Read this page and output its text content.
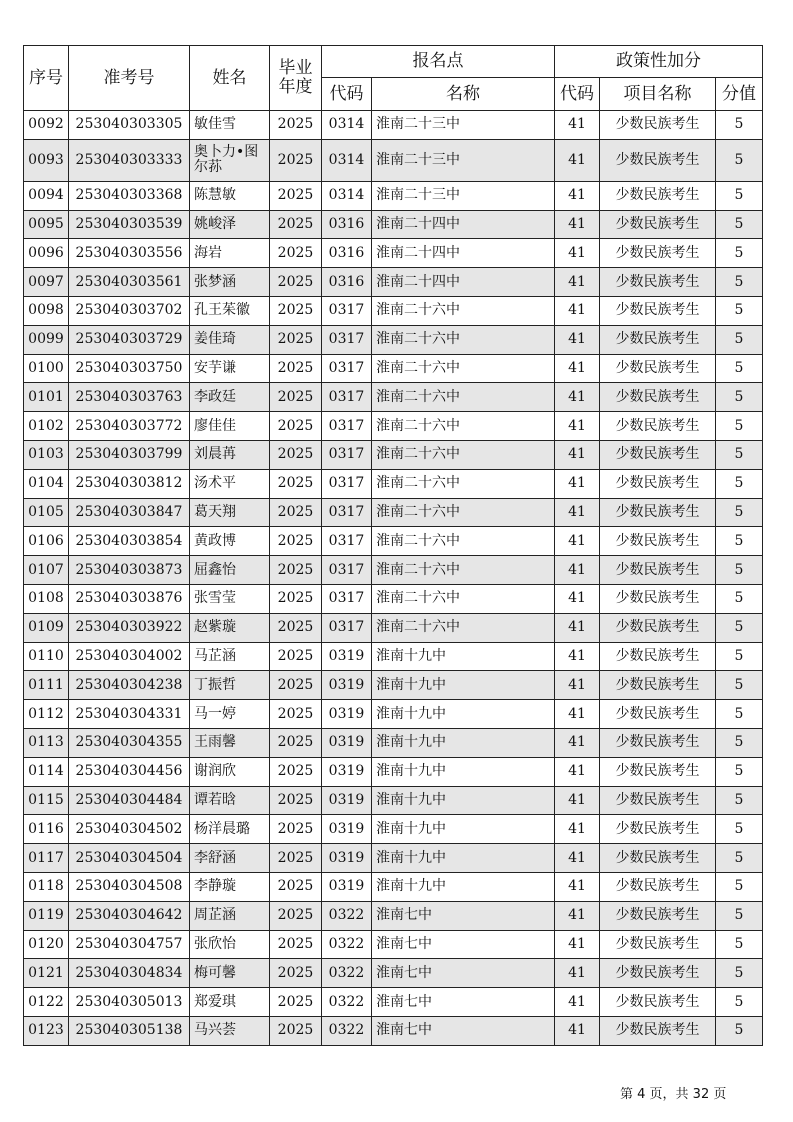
序号	准考号	姓名	毕业年度	报名点		政策性加分		
				代码	名称	代码	项目名称	分值
0092	253040303305	敏佳雪	2025	0314	淮南二十三中	41	少数民族考生	5
0093	253040303333	奥卜力•图尔荪	2025	0314	淮南二十三中	41	少数民族考生	5
0094	253040303368	陈慧敏	2025	0314	淮南二十三中	41	少数民族考生	5
0095	253040303539	姚峻泽	2025	0316	淮南二十四中	41	少数民族考生	5
0096	253040303556	海岩	2025	0316	淮南二十四中	41	少数民族考生	5
0097	253040303561	张梦涵	2025	0316	淮南二十四中	41	少数民族考生	5
0098	253040303702	孔王茱徽	2025	0317	淮南二十六中	41	少数民族考生	5
0099	253040303729	姜佳琦	2025	0317	淮南二十六中	41	少数民族考生	5
0100	253040303750	安芋谦	2025	0317	淮南二十六中	41	少数民族考生	5
0101	253040303763	李政廷	2025	0317	淮南二十六中	41	少数民族考生	5
0102	253040303772	廖佳佳	2025	0317	淮南二十六中	41	少数民族考生	5
0103	253040303799	刘晨苒	2025	0317	淮南二十六中	41	少数民族考生	5
0104	253040303812	汤术平	2025	0317	淮南二十六中	41	少数民族考生	5
0105	253040303847	葛天翔	2025	0317	淮南二十六中	41	少数民族考生	5
0106	253040303854	黄政博	2025	0317	淮南二十六中	41	少数民族考生	5
0107	253040303873	屈鑫怡	2025	0317	淮南二十六中	41	少数民族考生	5
0108	253040303876	张雪莹	2025	0317	淮南二十六中	41	少数民族考生	5
0109	253040303922	赵紫璇	2025	0317	淮南二十六中	41	少数民族考生	5
0110	253040304002	马芷涵	2025	0319	淮南十九中	41	少数民族考生	5
0111	253040304238	丁振哲	2025	0319	淮南十九中	41	少数民族考生	5
0112	253040304331	马一婷	2025	0319	淮南十九中	41	少数民族考生	5
0113	253040304355	王雨馨	2025	0319	淮南十九中	41	少数民族考生	5
0114	253040304456	谢润欣	2025	0319	淮南十九中	41	少数民族考生	5
0115	253040304484	谭若晗	2025	0319	淮南十九中	41	少数民族考生	5
0116	253040304502	杨洋晨璐	2025	0319	淮南十九中	41	少数民族考生	5
0117	253040304504	李舒涵	2025	0319	淮南十九中	41	少数民族考生	5
0118	253040304508	李静璇	2025	0319	淮南十九中	41	少数民族考生	5
0119	253040304642	周芷涵	2025	0322	淮南七中	41	少数民族考生	5
0120	253040304757	张欣怡	2025	0322	淮南七中	41	少数民族考生	5
0121	253040304834	梅可馨	2025	0322	淮南七中	41	少数民族考生	5
0122	253040305013	郑爱琪	2025	0322	淮南七中	41	少数民族考生	5
0123	253040305138	马兴荟	2025	0322	淮南七中	41	少数民族考生	5
第 4 页，共 32 页
